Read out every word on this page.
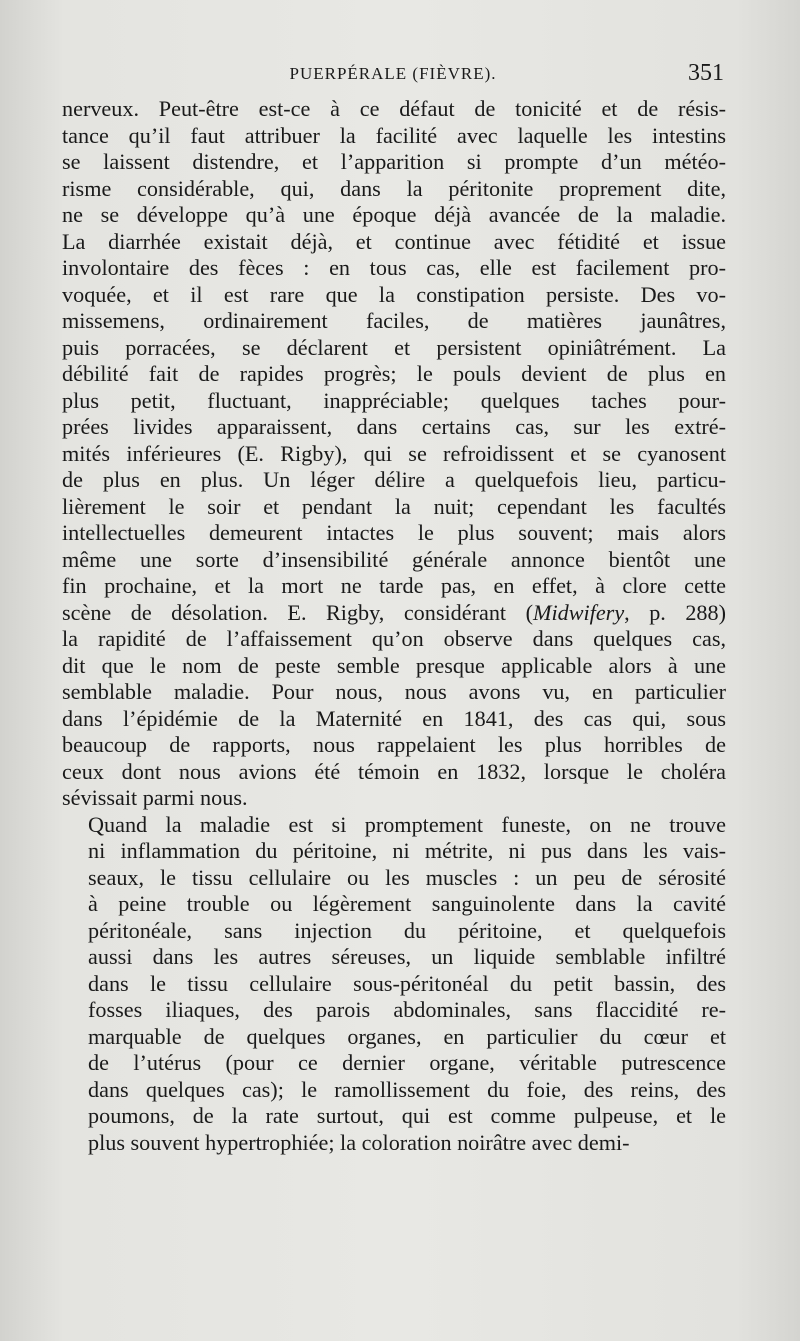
PUERPÉRALE (FIÈVRE).	351

nerveux. Peut-être est-ce à ce défaut de tonicité et de résis-
tance qu’il faut attribuer la facilité avec laquelle les intestins
se laissent distendre, et l’apparition si prompte d’un météo-
risme considérable, qui, dans la péritonite proprement dite,
ne se développe qu’à une époque déjà avancée de la maladie.
La diarrhée existait déjà, et continue avec fétidité et issue
involontaire des fèces : en tous cas, elle est facilement pro-
voquée, et il est rare que la constipation persiste. Des vo-
missemens, ordinairement faciles, de matières jaunâtres,
puis porracées, se déclarent et persistent opiniâtrément. La
débilité fait de rapides progrès; le pouls devient de plus en
plus petit, fluctuant, inappréciable; quelques taches pour-
prées livides apparaissent, dans certains cas, sur les extré-
mités inférieures (E. Rigby), qui se refroidissent et se cyanosent
de plus en plus. Un léger délire a quelquefois lieu, particu-
lièrement le soir et pendant la nuit; cependant les facultés
intellectuelles demeurent intactes le plus souvent; mais alors
même une sorte d’insensibilité générale annonce bientôt une
fin prochaine, et la mort ne tarde pas, en effet, à clore cette
scène de désolation. E. Rigby, considérant (Midwifery, p. 288)
la rapidité de l’affaissement qu’on observe dans quelques cas,
dit que le nom de peste semble presque applicable alors à une
semblable maladie. Pour nous, nous avons vu, en particulier
dans l’épidémie de la Maternité en 1841, des cas qui, sous
beaucoup de rapports, nous rappelaient les plus horribles de
ceux dont nous avions été témoin en 1832, lorsque le choléra
sévissait parmi nous.

Quand la maladie est si promptement funeste, on ne trouve
ni inflammation du péritoine, ni métrite, ni pus dans les vais-
seaux, le tissu cellulaire ou les muscles : un peu de sérosité
à peine trouble ou légèrement sanguinolente dans la cavité
péritonéale, sans injection du péritoine, et quelquefois
aussi dans les autres séreuses, un liquide semblable infiltré
dans le tissu cellulaire sous-péritonéal du petit bassin, des
fosses iliaques, des parois abdominales, sans flaccidité re-
marquable de quelques organes, en particulier du cœur et
de l’utérus (pour ce dernier organe, véritable putrescence
dans quelques cas); le ramollissement du foie, des reins, des
poumons, de la rate surtout, qui est comme pulpeuse, et le
plus souvent hypertrophiée; la coloration noirâtre avec demi-
